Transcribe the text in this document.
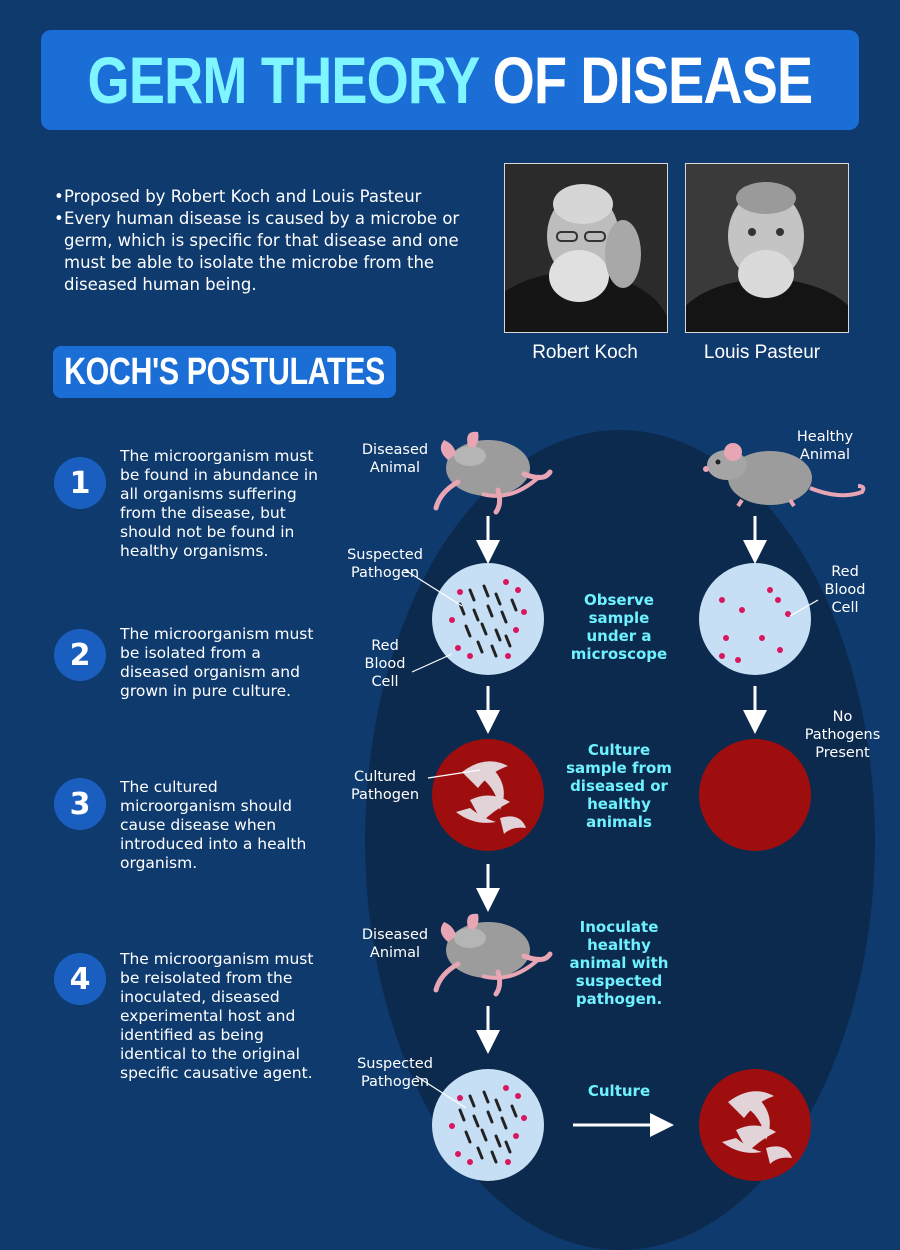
GERM THEORY OF DISEASE
• Proposed by Robert Koch and Louis Pasteur
• Every human disease is caused by a microbe or germ, which is specific for that disease and one must be able to isolate the microbe from the diseased human being.
Robert Koch	Louis Pasteur
KOCH'S POSTULATES
1
The microorganism must be found in abundance in all organisms suffering from the disease, but should not be found in healthy organisms.
2
The microorganism must be isolated from a diseased organism and grown in pure culture.
3	The cultured microorganism should cause disease when introduced into a health organism.
4
The microorganism must be reisolated from the inoculated, diseased experimental host and identified as being identical to the original specific causative agent.
Diseased Animal
Healthy Animal
Suspected Pathogen
Red Blood Cell
Red Blood Cell
No Pathogens Present
Cultured Pathogen
Diseased Animal
Suspected Pathogen
Observe sample under a microscope
Culture sample from diseased or healthy animals
Inoculate healthy animal with suspected pathogen.
Culture
